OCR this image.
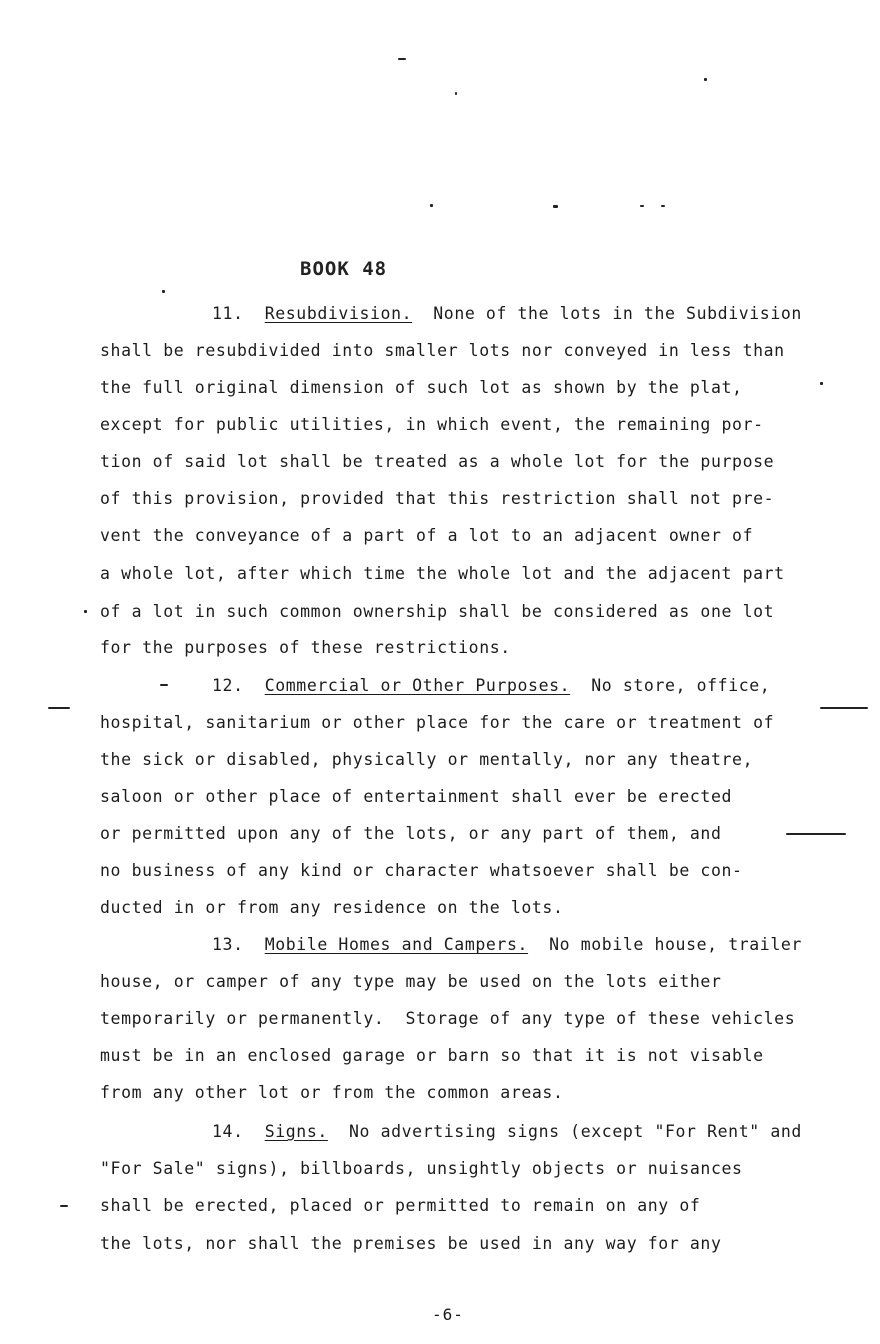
BOOK 48
11. Resubdivision. None of the lots in the Subdivision
shall be resubdivided into smaller lots nor conveyed in less than
the full original dimension of such lot as shown by the plat,
except for public utilities, in which event, the remaining por-
tion of said lot shall be treated as a whole lot for the purpose
of this provision, provided that this restriction shall not pre-
vent the conveyance of a part of a lot to an adjacent owner of
a whole lot, after which time the whole lot and the adjacent part
of a lot in such common ownership shall be considered as one lot
for the purposes of these restrictions.
12. Commercial or Other Purposes. No store, office,
hospital, sanitarium or other place for the care or treatment of
the sick or disabled, physically or mentally, nor any theatre,
saloon or other place of entertainment shall ever be erected
or permitted upon any of the lots, or any part of them, and
no business of any kind or character whatsoever shall be con-
ducted in or from any residence on the lots.
13. Mobile Homes and Campers. No mobile house, trailer
house, or camper of any type may be used on the lots either
temporarily or permanently.  Storage of any type of these vehicles
must be in an enclosed garage or barn so that it is not visable
from any other lot or from the common areas.
14. Signs. No advertising signs (except "For Rent" and
"For Sale" signs), billboards, unsightly objects or nuisances
shall be erected, placed or permitted to remain on any of
the lots, nor shall the premises be used in any way for any
-6-
